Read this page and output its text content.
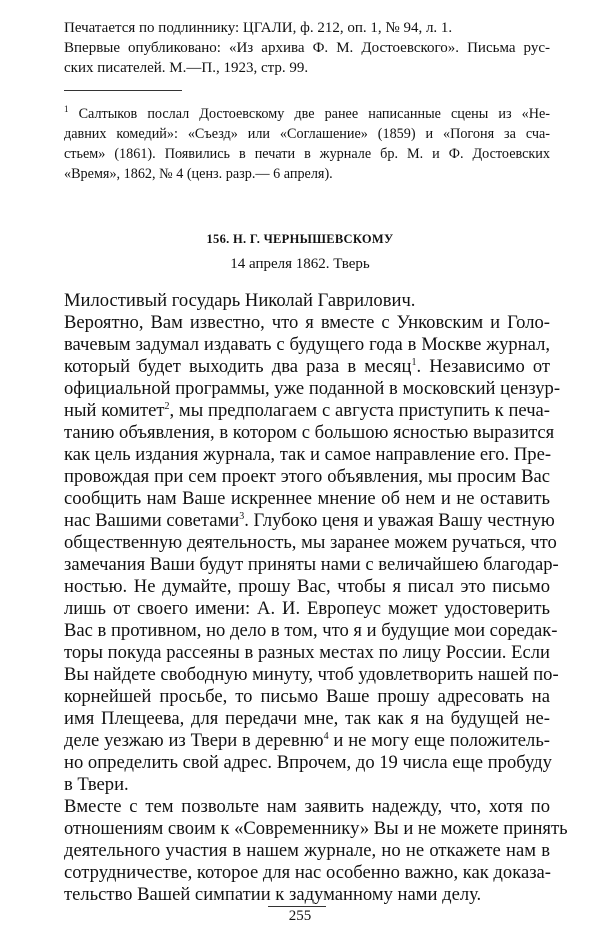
Печатается по подлиннику: ЦГАЛИ, ф. 212, оп. 1, № 94, л. 1.
Впервые опубликовано: «Из архива Ф. М. Достоевского». Письма рус-
ских писателей. М.—П., 1923, стр. 99.
$^1$ Салтыков послал Достоевскому две ранее написанные сцены из «Не-
давних комедий»: «Съезд» или «Соглашение» (1859) и «Погоня за сча-
стьем» (1861). Появились в печати в журнале бр. М. и Ф. Достоевских
«Время», 1862, № 4 (ценз. разр.— 6 апреля).
156. Н. Г. ЧЕРНЫШЕВСКОМУ
14 апреля 1862. Тверь
Милостивый государь Николай Гаврилович.
Вероятно, Вам известно, что я вместе с Унковским и Голо-
вачевым задумал издавать с будущего года в Москве журнал,
который будет выходить два раза в месяц$^1$. Независимо от
официальной программы, уже поданной в московский цензур-
ный комитет$^2$, мы предполагаем с августа приступить к печа-
танию объявления, в котором с большою ясностью выразится
как цель издания журнала, так и самое направление его. Пре-
провождая при сем проект этого объявления, мы просим Вас
сообщить нам Ваше искреннее мнение об нем и не оставить
нас Вашими советами$^3$. Глубоко ценя и уважая Вашу честную
общественную деятельность, мы заранее можем ручаться, что
замечания Ваши будут приняты нами с величайшею благодар-
ностью. Не думайте, прошу Вас, чтобы я писал это письмо
лишь от своего имени: А. И. Европеус может удостоверить
Вас в противном, но дело в том, что я и будущие мои соредак-
торы покуда рассеяны в разных местах по лицу России. Если
Вы найдете свободную минуту, чтоб удовлетворить нашей по-
корнейшей просьбе, то письмо Ваше прошу адресовать на
имя Плещеева, для передачи мне, так как я на будущей не-
деле уезжаю из Твери в деревню$^4$ и не могу еще положитель-
но определить свой адрес. Впрочем, до 19 числа еще пробуду
в Твери.
Вместе с тем позвольте нам заявить надежду, что, хотя по
отношениям своим к «Современнику» Вы и не можете принять
деятельного участия в нашем журнале, но не откажете нам в
сотрудничестве, которое для нас особенно важно, как доказа-
тельство Вашей симпатии к задуманному нами делу.
255
